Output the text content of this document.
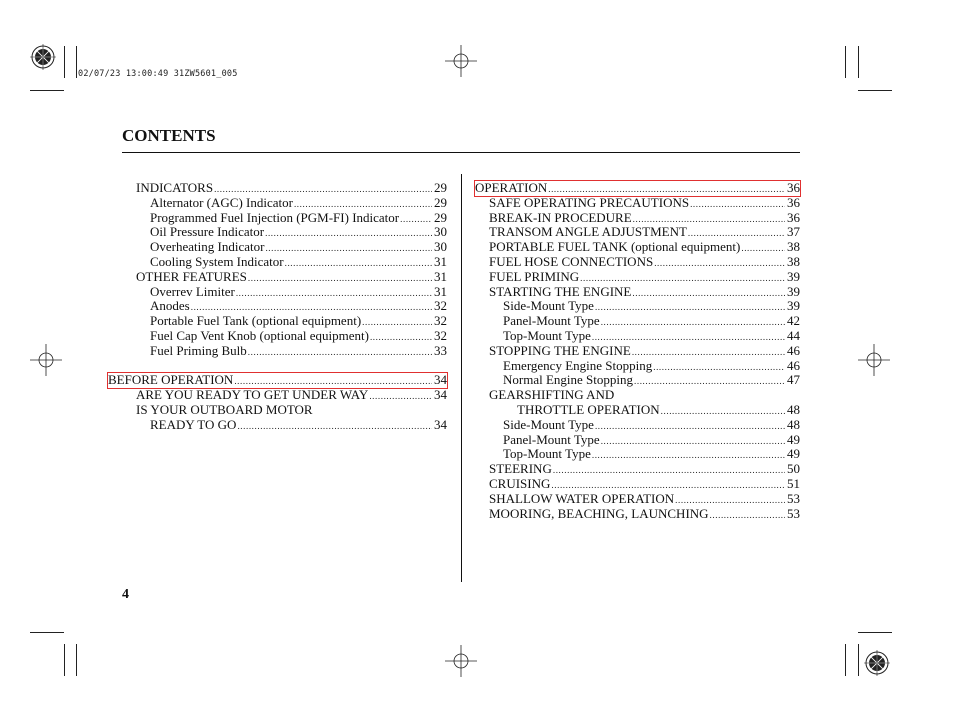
02/07/23 13:00:49 31ZW5601_005
CONTENTS
INDICATORS .....	29
Alternator (AGC) Indicator .....	29
Programmed Fuel Injection (PGM-FI) Indicator .....	29
Oil Pressure Indicator .....	30
Overheating Indicator .....	30
Cooling System Indicator .....	31
OTHER FEATURES .....	31
Overrev Limiter .....	31
Anodes .....	32
Portable Fuel Tank (optional equipment) .....	32
Fuel Cap Vent Knob (optional equipment) .....	32
Fuel Priming Bulb .....	33
BEFORE OPERATION .....	34
ARE YOU READY TO GET UNDER WAY .....	34
IS YOUR OUTBOARD MOTOR
READY TO GO .....	34
OPERATION .....	36
SAFE OPERATING PRECAUTIONS .....	36
BREAK-IN PROCEDURE .....	36
TRANSOM ANGLE ADJUSTMENT .....	37
PORTABLE FUEL TANK (optional equipment) .....	38
FUEL HOSE CONNECTIONS .....	38
FUEL PRIMING .....	39
STARTING THE ENGINE .....	39
Side-Mount Type .....	39
Panel-Mount Type .....	42
Top-Mount Type .....	44
STOPPING THE ENGINE .....	46
Emergency Engine Stopping .....	46
Normal Engine Stopping .....	47
GEARSHIFTING AND
THROTTLE OPERATION .....	48
Side-Mount Type .....	48
Panel-Mount Type .....	49
Top-Mount Type .....	49
STEERING .....	50
CRUISING .....	51
SHALLOW WATER OPERATION .....	53
MOORING, BEACHING, LAUNCHING .....	53
4
